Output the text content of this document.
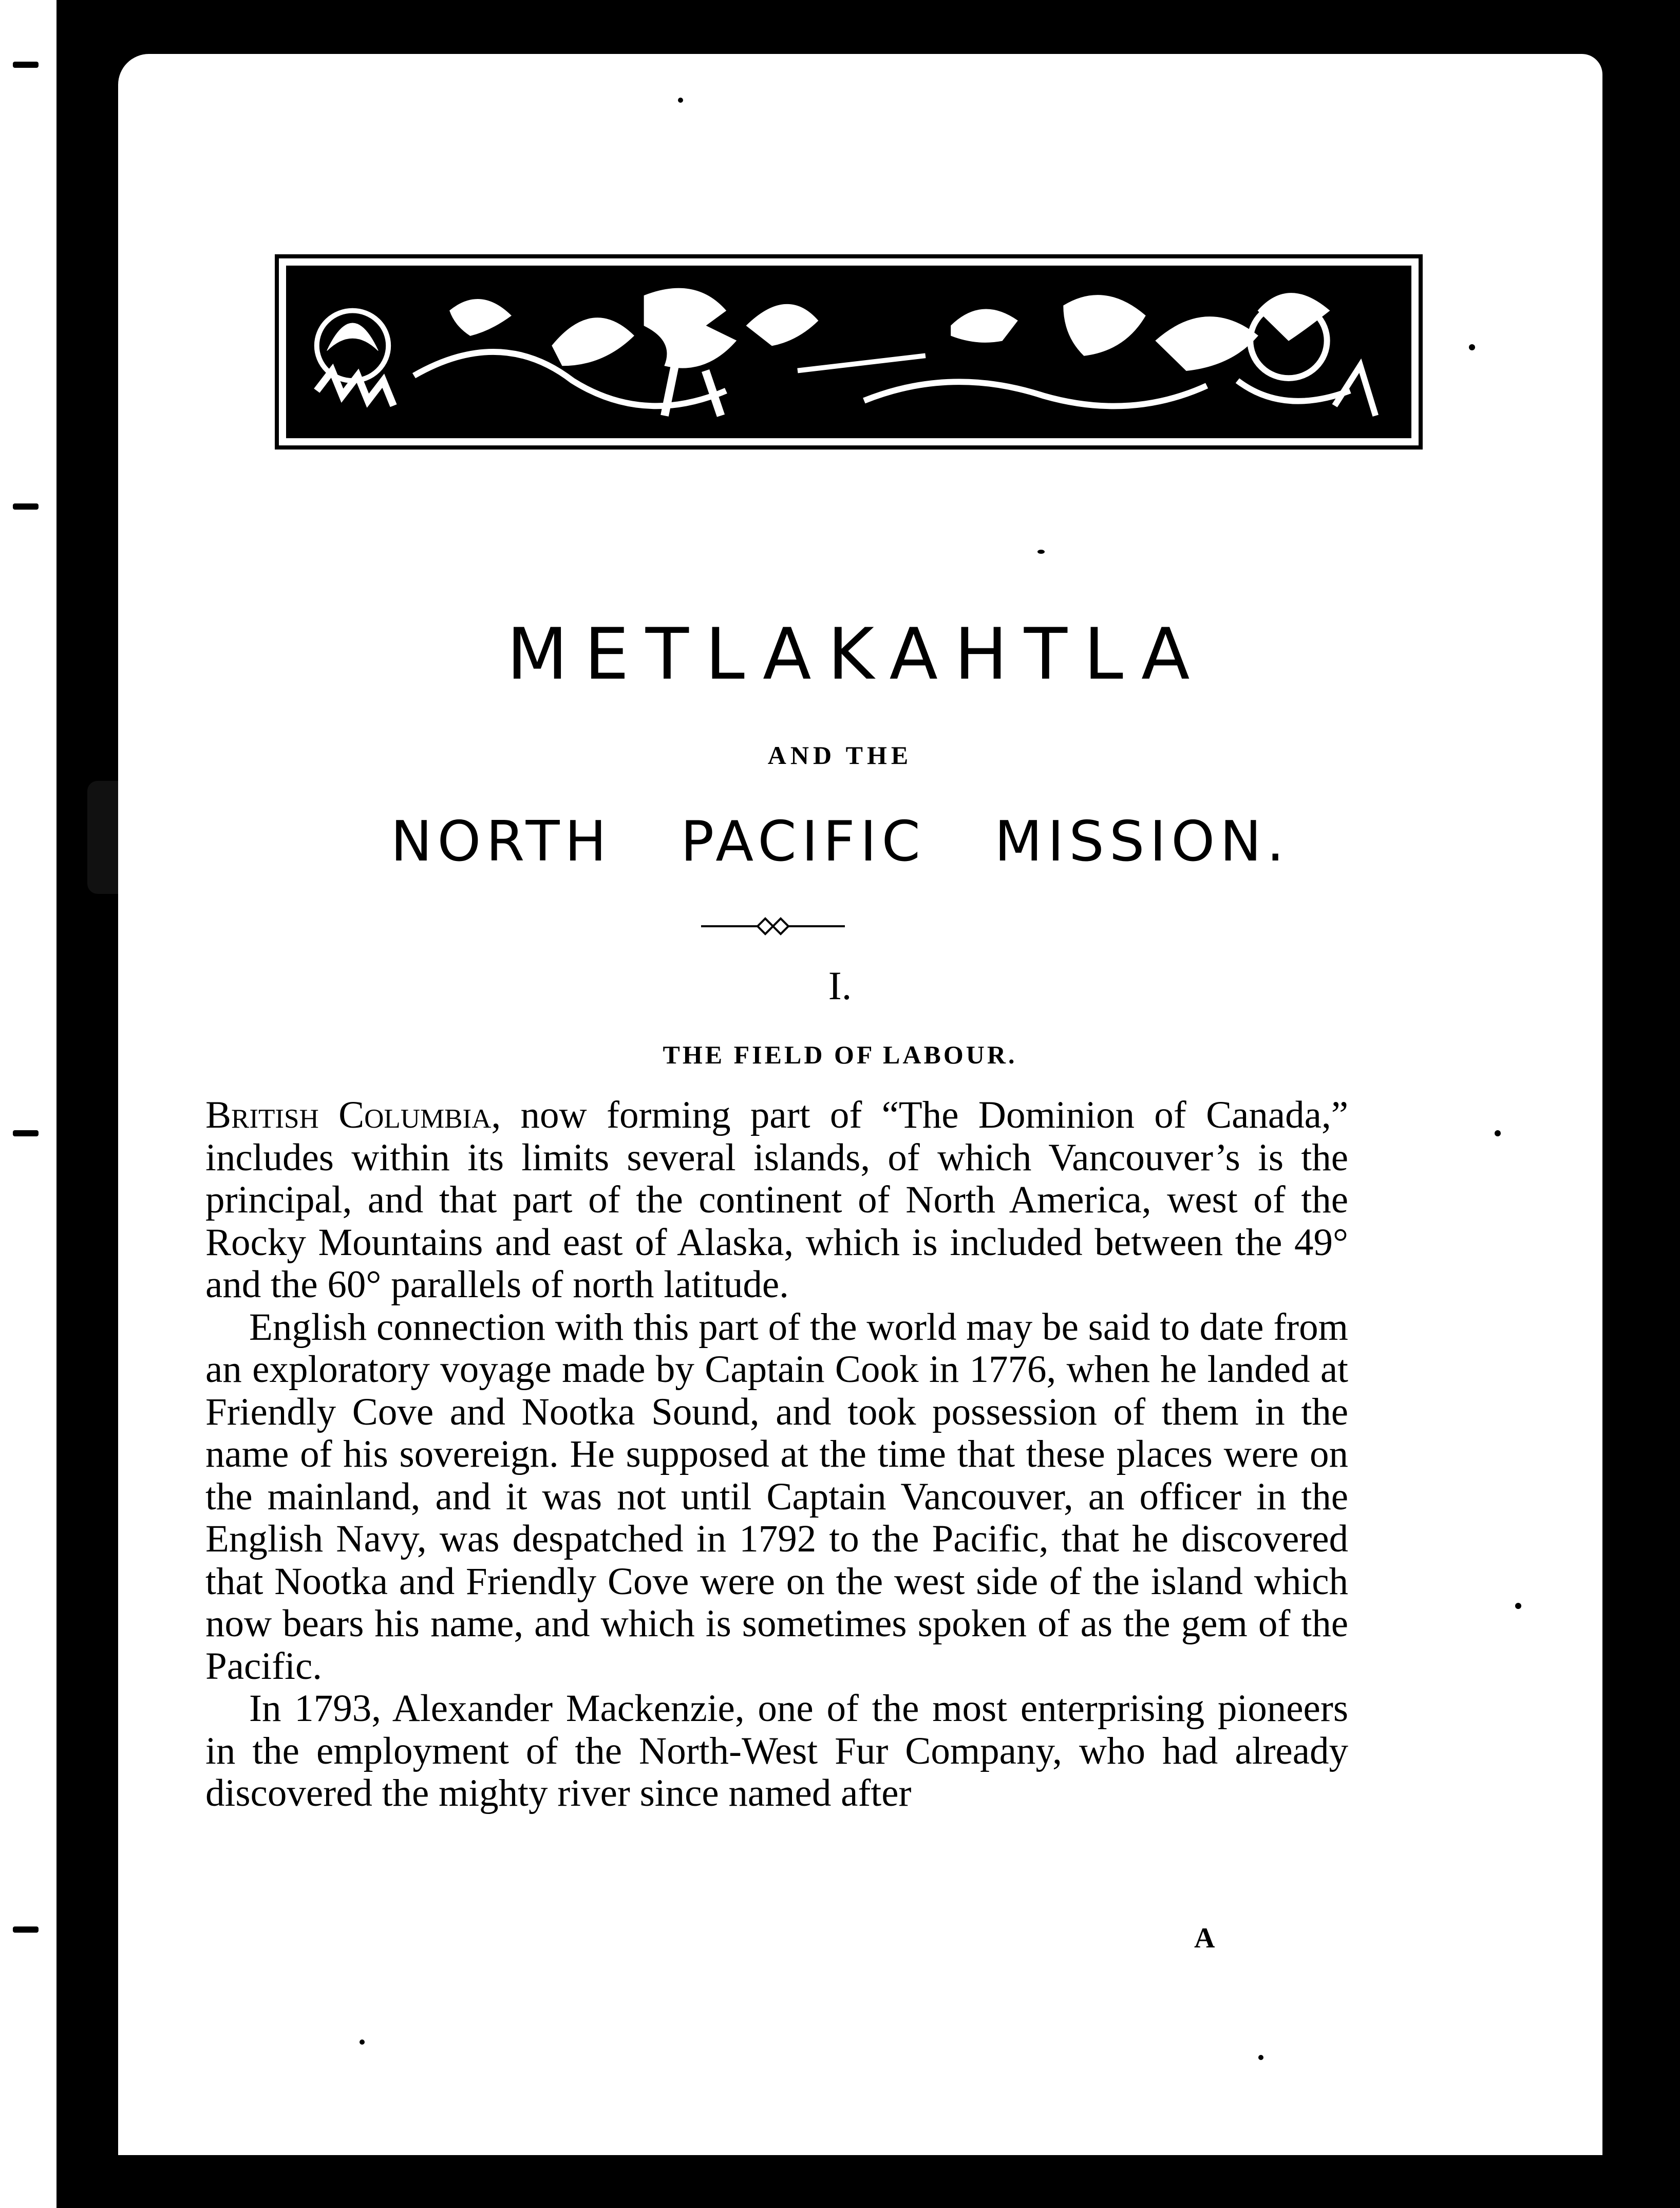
METLAKAHTLA
AND THE
NORTH PACIFIC MISSION.
I.
THE FIELD OF LABOUR.

British Columbia, now forming part of “The Dominion of Canada,” includes within its limits several islands, of which Vancouver’s is the principal, and that part of the continent of North America, west of the Rocky Mountains and east of Alaska, which is included between the 49° and the 60° parallels of north latitude.

English connection with this part of the world may be said to date from an exploratory voyage made by Captain Cook in 1776, when he landed at Friendly Cove and Nootka Sound, and took possession of them in the name of his sovereign. He supposed at the time that these places were on the mainland, and it was not until Captain Vancouver, an officer in the English Navy, was despatched in 1792 to the Pacific, that he discovered that Nootka and Friendly Cove were on the west side of the island which now bears his name, and which is sometimes spoken of as the gem of the Pacific.

In 1793, Alexander Mackenzie, one of the most enterprising pioneers in the employment of the North-West Fur Company, who had already discovered the mighty river since named after

A
